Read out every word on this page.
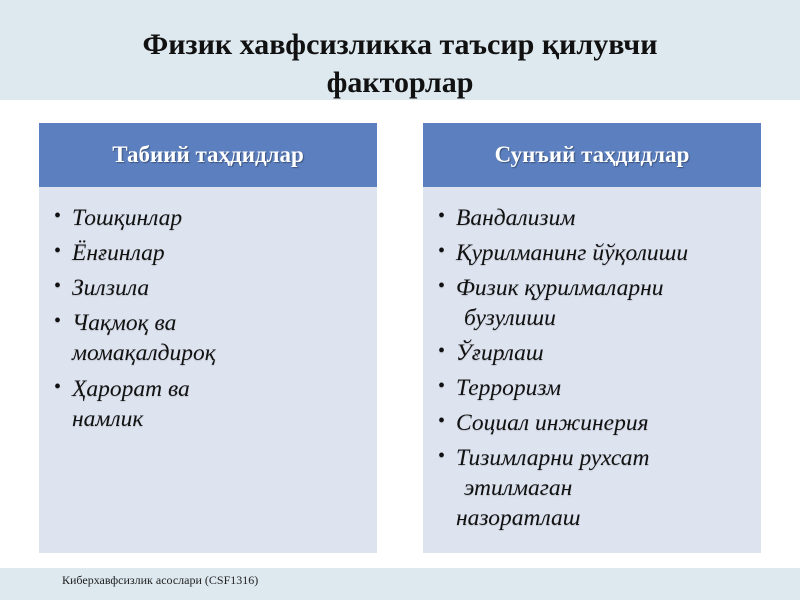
Физик хавфсизликка таъсир қилувчи
факторлар
Табиий таҳдидлар
• Тошқинлар
• Ёнғинлар
• Зилзила
• Чақмоқ ва
момақалдироқ
• Ҳарорат ва
намлик
Сунъий таҳдидлар
• Вандализим
• Қурилманинг йўқолиши
• Физик қурилмаларни
бузулиши
• Ўғирлаш
• Терроризм
• Социал инжинерия
• Тизимларни рухсат
этилмаган
назоратлаш
Киберхавфсизлик асослари (CSF1316)
